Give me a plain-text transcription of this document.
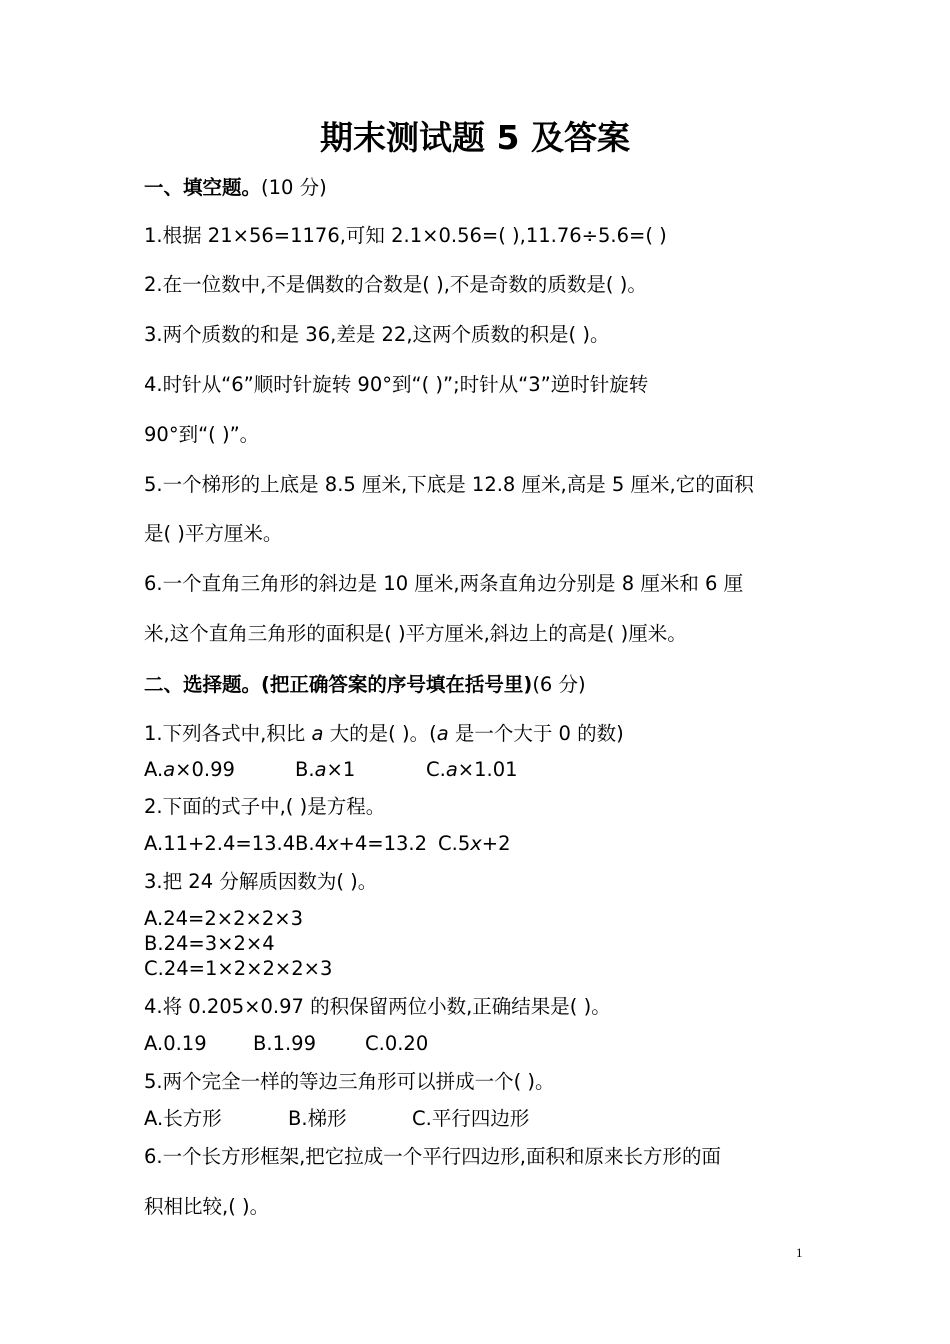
期末测试题 5 及答案
一、填空题。(10 分)
1.根据 21×56=1176,可知 2.1×0.56=( ),11.76÷5.6=( )
2.在一位数中,不是偶数的合数是( ),不是奇数的质数是( )。
3.两个质数的和是 36,差是 22,这两个质数的积是( )。
4.时针从“6”顺时针旋转 90°到“( )”;时针从“3”逆时针旋转
90°到“( )”。
5.一个梯形的上底是 8.5 厘米,下底是 12.8 厘米,高是 5 厘米,它的面积
是( )平方厘米。
6.一个直角三角形的斜边是 10 厘米,两条直角边分别是 8 厘米和 6 厘
米,这个直角三角形的面积是( )平方厘米,斜边上的高是( )厘米。
二、选择题。(把正确答案的序号填在括号里)(6 分)
1.下列各式中,积比 a 大的是( )。(a 是一个大于 0 的数)
A.a×0.99	B.a×1	C.a×1.01
2.下面的式子中,( )是方程。
A.11+2.4=13.4B.4x+4=13.2 C.5x+2
3.把 24 分解质因数为( )。
A.24=2×2×2×3
B.24=3×2×4
C.24=1×2×2×2×3
4.将 0.205×0.97 的积保留两位小数,正确结果是( )。
A.0.19 B.1.99	C.0.20
5.两个完全一样的等边三角形可以拼成一个( )。
A.长方形	B.梯形	C.平行四边形
6.一个长方形框架,把它拉成一个平行四边形,面积和原来长方形的面
积相比较,( )。
1
